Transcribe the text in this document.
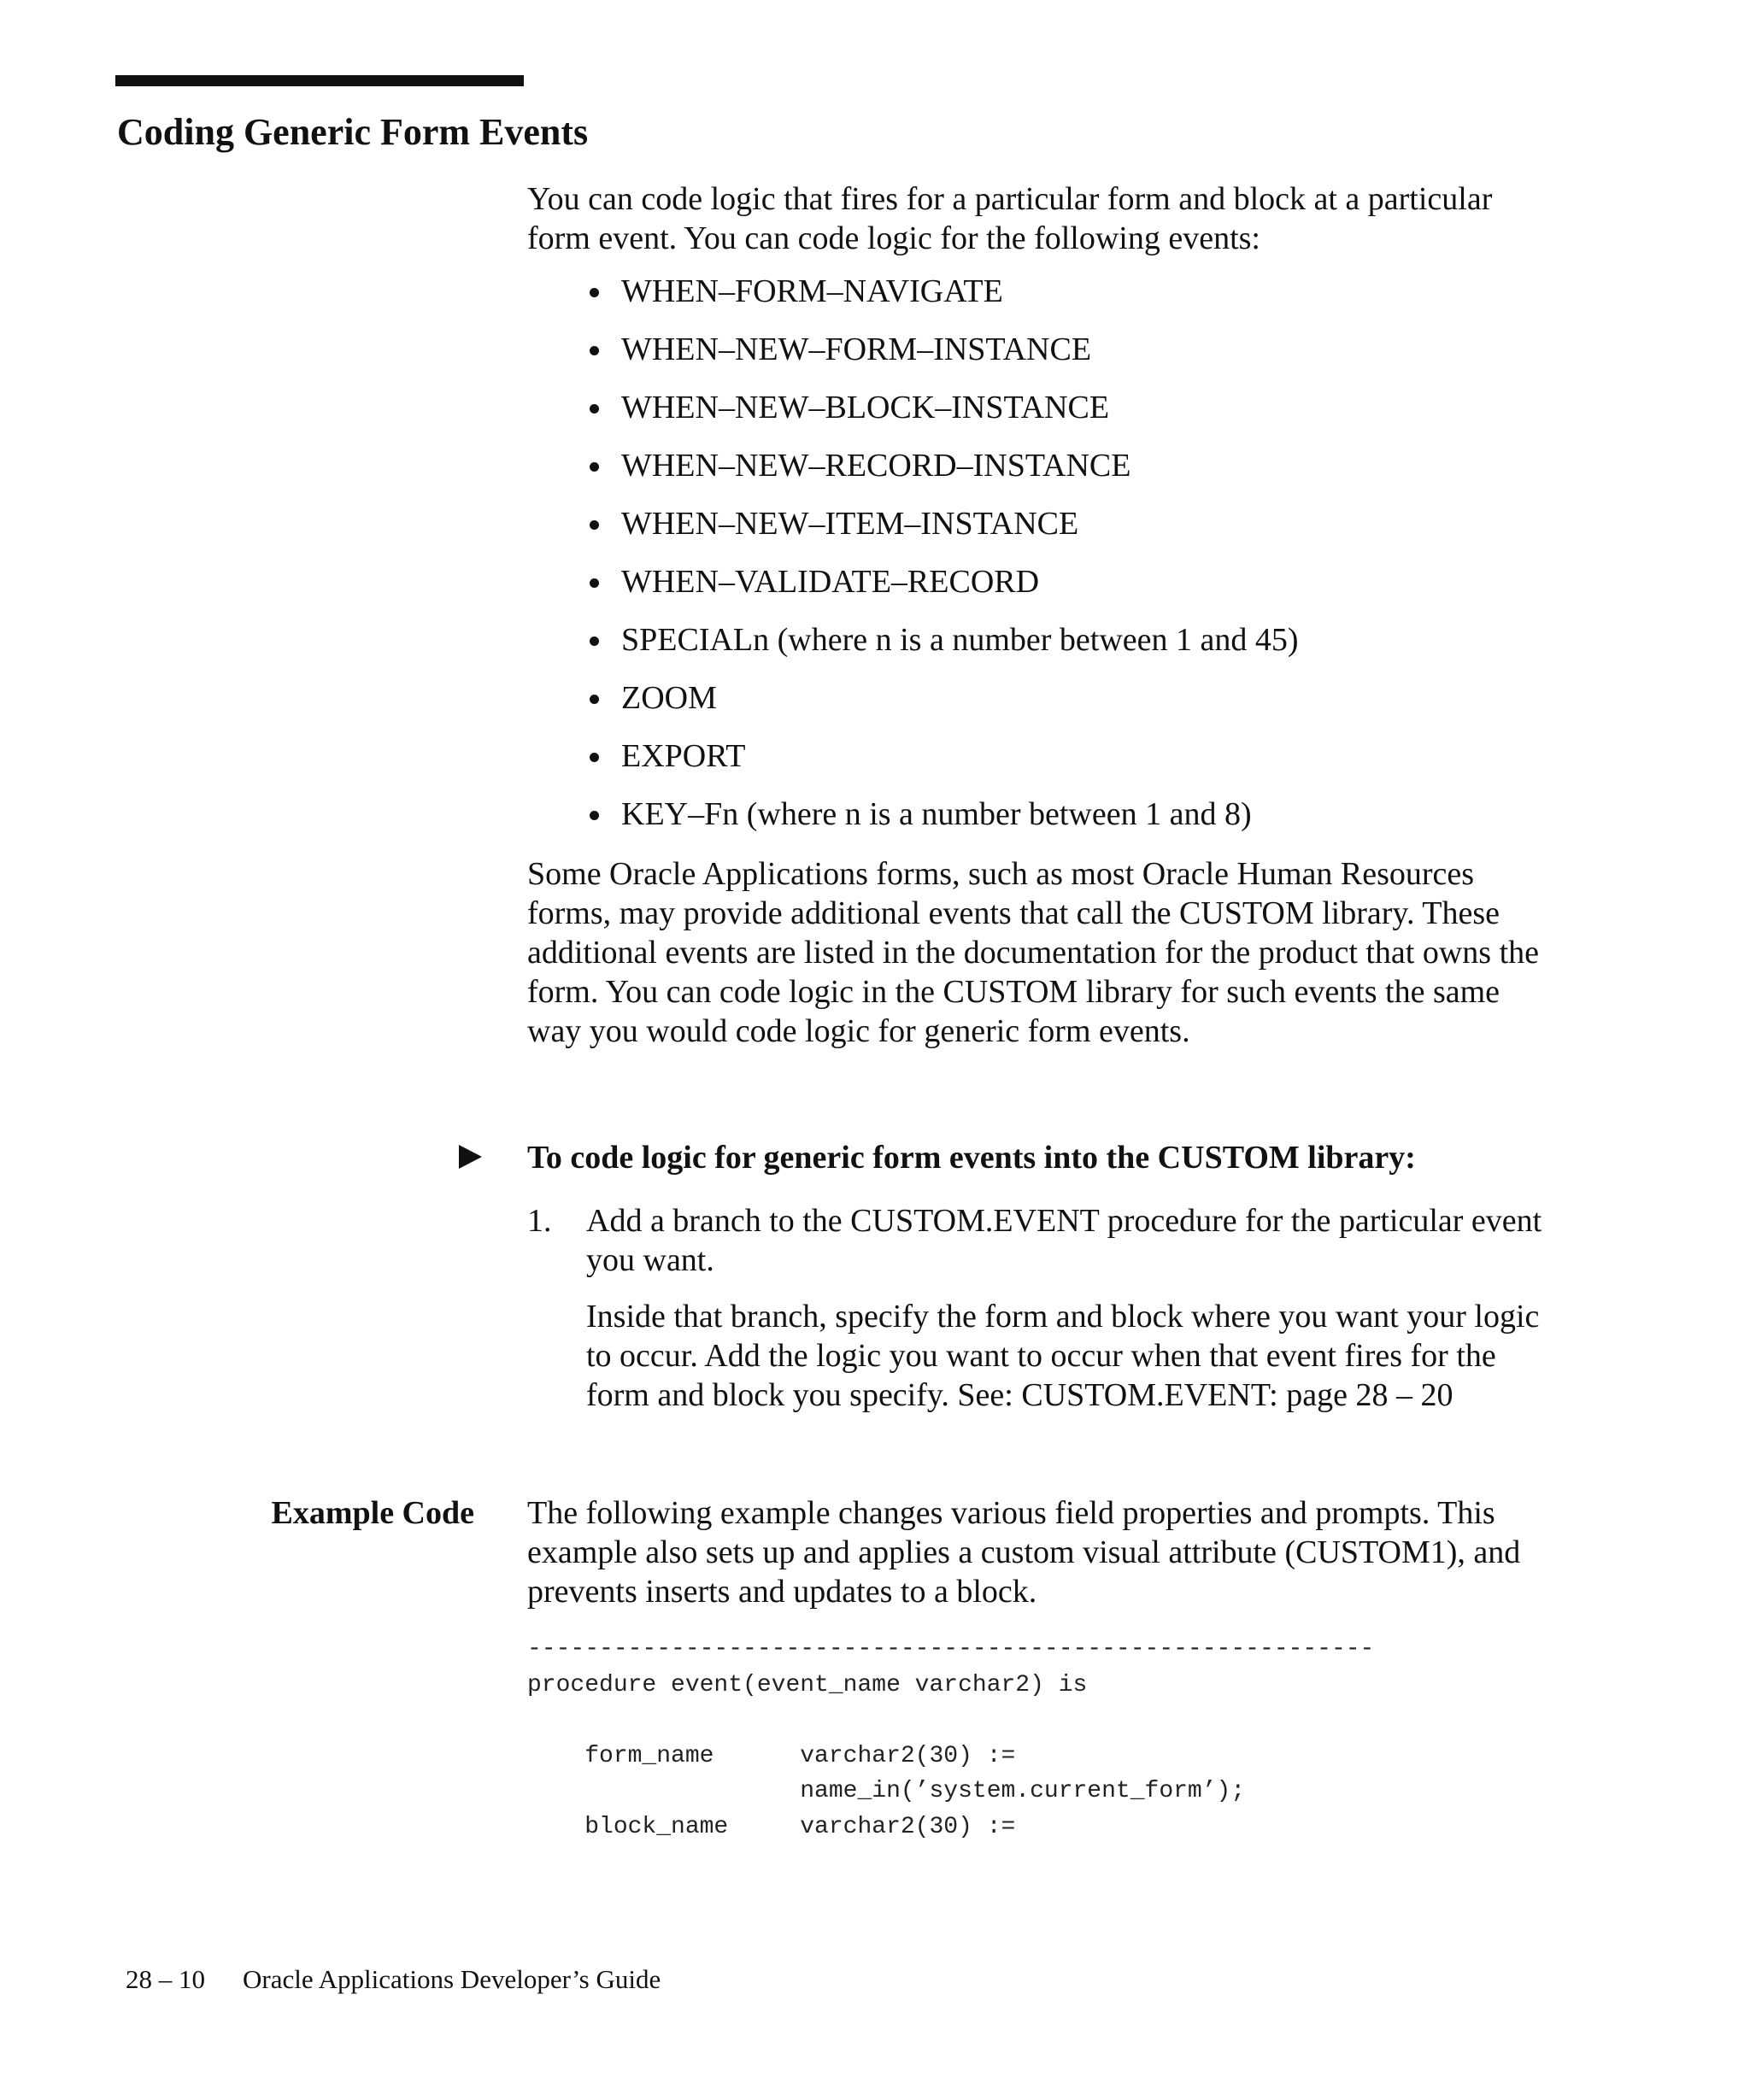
Coding Generic Form Events

You can code logic that fires for a particular form and block at a particular form event. You can code logic for the following events:

WHEN–FORM–NAVIGATE
WHEN–NEW–FORM–INSTANCE
WHEN–NEW–BLOCK–INSTANCE
WHEN–NEW–RECORD–INSTANCE
WHEN–NEW–ITEM–INSTANCE
WHEN–VALIDATE–RECORD
SPECIALn (where n is a number between 1 and 45)
ZOOM
EXPORT
KEY–Fn (where n is a number between 1 and 8)

Some Oracle Applications forms, such as most Oracle Human Resources forms, may provide additional events that call the CUSTOM library. These additional events are listed in the documentation for the product that owns the form. You can code logic in the CUSTOM library for such events the same way you would code logic for generic form events.

To code logic for generic form events into the CUSTOM library:

1. Add a branch to the CUSTOM.EVENT procedure for the particular event you want.

Inside that branch, specify the form and block where you want your logic to occur. Add the logic you want to occur when that event fires for the form and block you specify. See: CUSTOM.EVENT: page 28 – 20

Example Code The following example changes various field properties and prompts. This example also sets up and applies a custom visual attribute (CUSTOM1), and prevents inserts and updates to a block.

-----------------------------------------------------------
procedure event(event_name varchar2) is

form_name      varchar2(30) :=
name_in(’system.current_form’);
block_name     varchar2(30) :=
28 – 10 Oracle Applications Developer’s Guide
